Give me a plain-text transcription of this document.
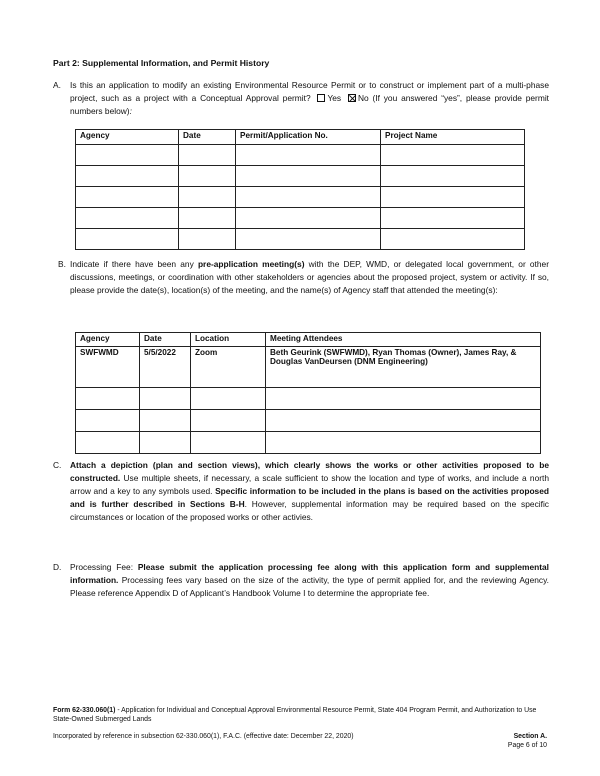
Part 2: Supplemental Information, and Permit History
A. Is this an application to modify an existing Environmental Resource Permit or to construct or implement part of a multi-phase project, such as a project with a Conceptual Approval permit? Yes No (If you answered “yes”, please provide permit numbers below):
Agency	Date	Permit/Application No.	Project Name

B. Indicate if there have been any pre-application meeting(s) with the DEP, WMD, or delegated local government, or other discussions, meetings, or coordination with other stakeholders or agencies about the proposed project, system or activity. If so, please provide the date(s), location(s) of the meeting, and the name(s) of Agency staff that attended the meeting(s):
Agency	Date	Location	Meeting Attendees
SWFWMD	5/5/2022	Zoom	Beth Geurink (SWFWMD), Ryan Thomas (Owner), James Ray, & Douglas VanDeursen (DNM Engineering)

C. Attach a depiction (plan and section views), which clearly shows the works or other activities proposed to be constructed. Use multiple sheets, if necessary, a scale sufficient to show the location and type of works, and include a north arrow and a key to any symbols used. Specific information to be included in the plans is based on the activities proposed and is further described in Sections B-H. However, supplemental information may be required based on the specific circumstances or location of the proposed works or other activies.
D. Processing Fee: Please submit the application processing fee along with this application form and supplemental information. Processing fees vary based on the size of the activity, the type of permit applied for, and the reviewing Agency. Please reference Appendix D of Applicant’s Handbook Volume I to determine the appropriate fee.
Form 62-330.060(1) - Application for Individual and Conceptual Approval Environmental Resource Permit, State 404 Program Permit, and Authorization to Use State-Owned Submerged Lands
Incorporated by reference in subsection 62-330.060(1), F.A.C. (effective date: December 22, 2020)	Section A.
Page 6 of 10
